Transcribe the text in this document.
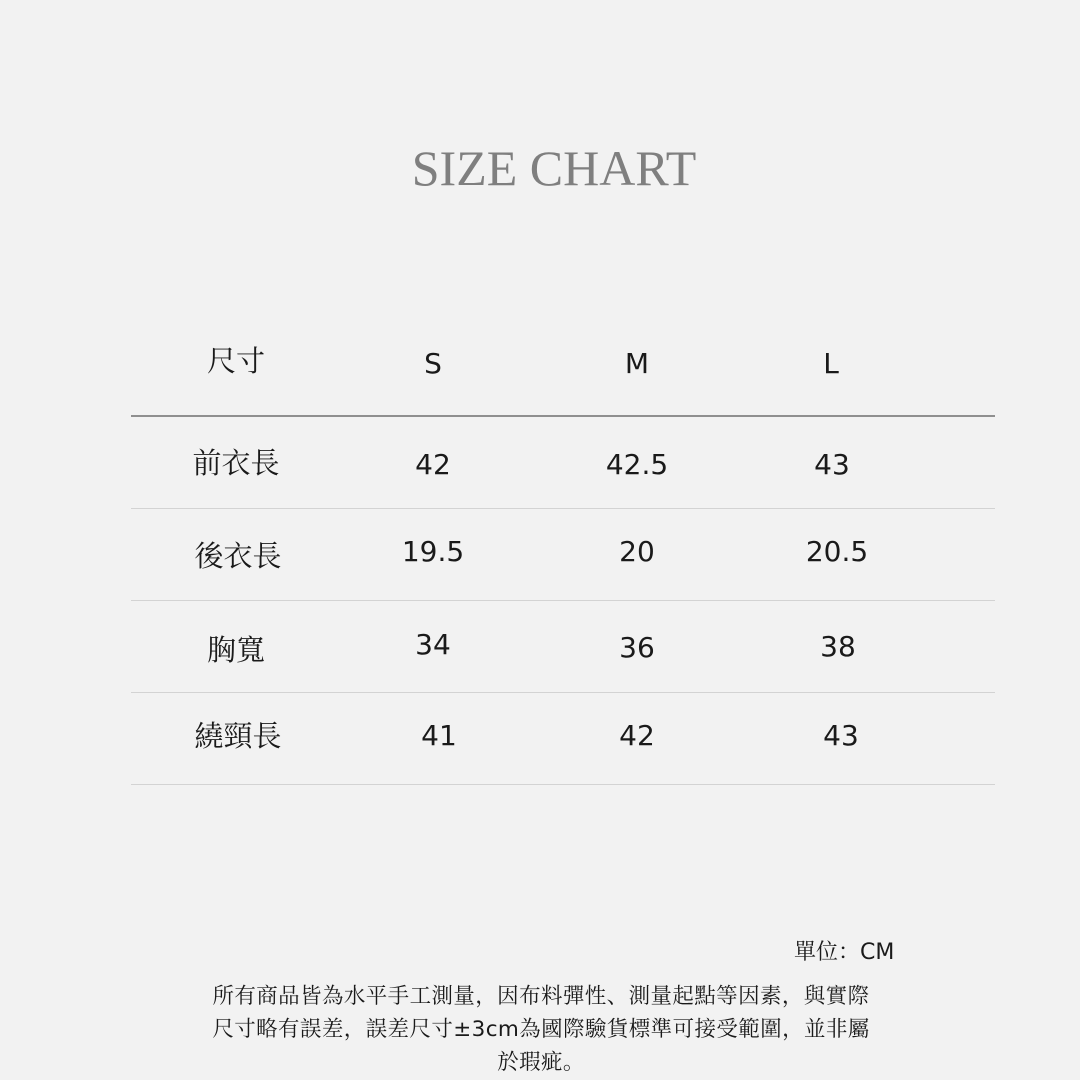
SIZE CHART
尺寸	S	M	L
前衣長	42	42.5	43
後衣長	19.5	20	20.5
胸寬	34	36	38
繞頸長	41	42	43
單位：CM
所有商品皆為水平手工測量，因布料彈性、測量起點等因素，與實際
尺寸略有誤差，誤差尺寸±3cm為國際驗貨標準可接受範圍，並非屬
於瑕疵。
